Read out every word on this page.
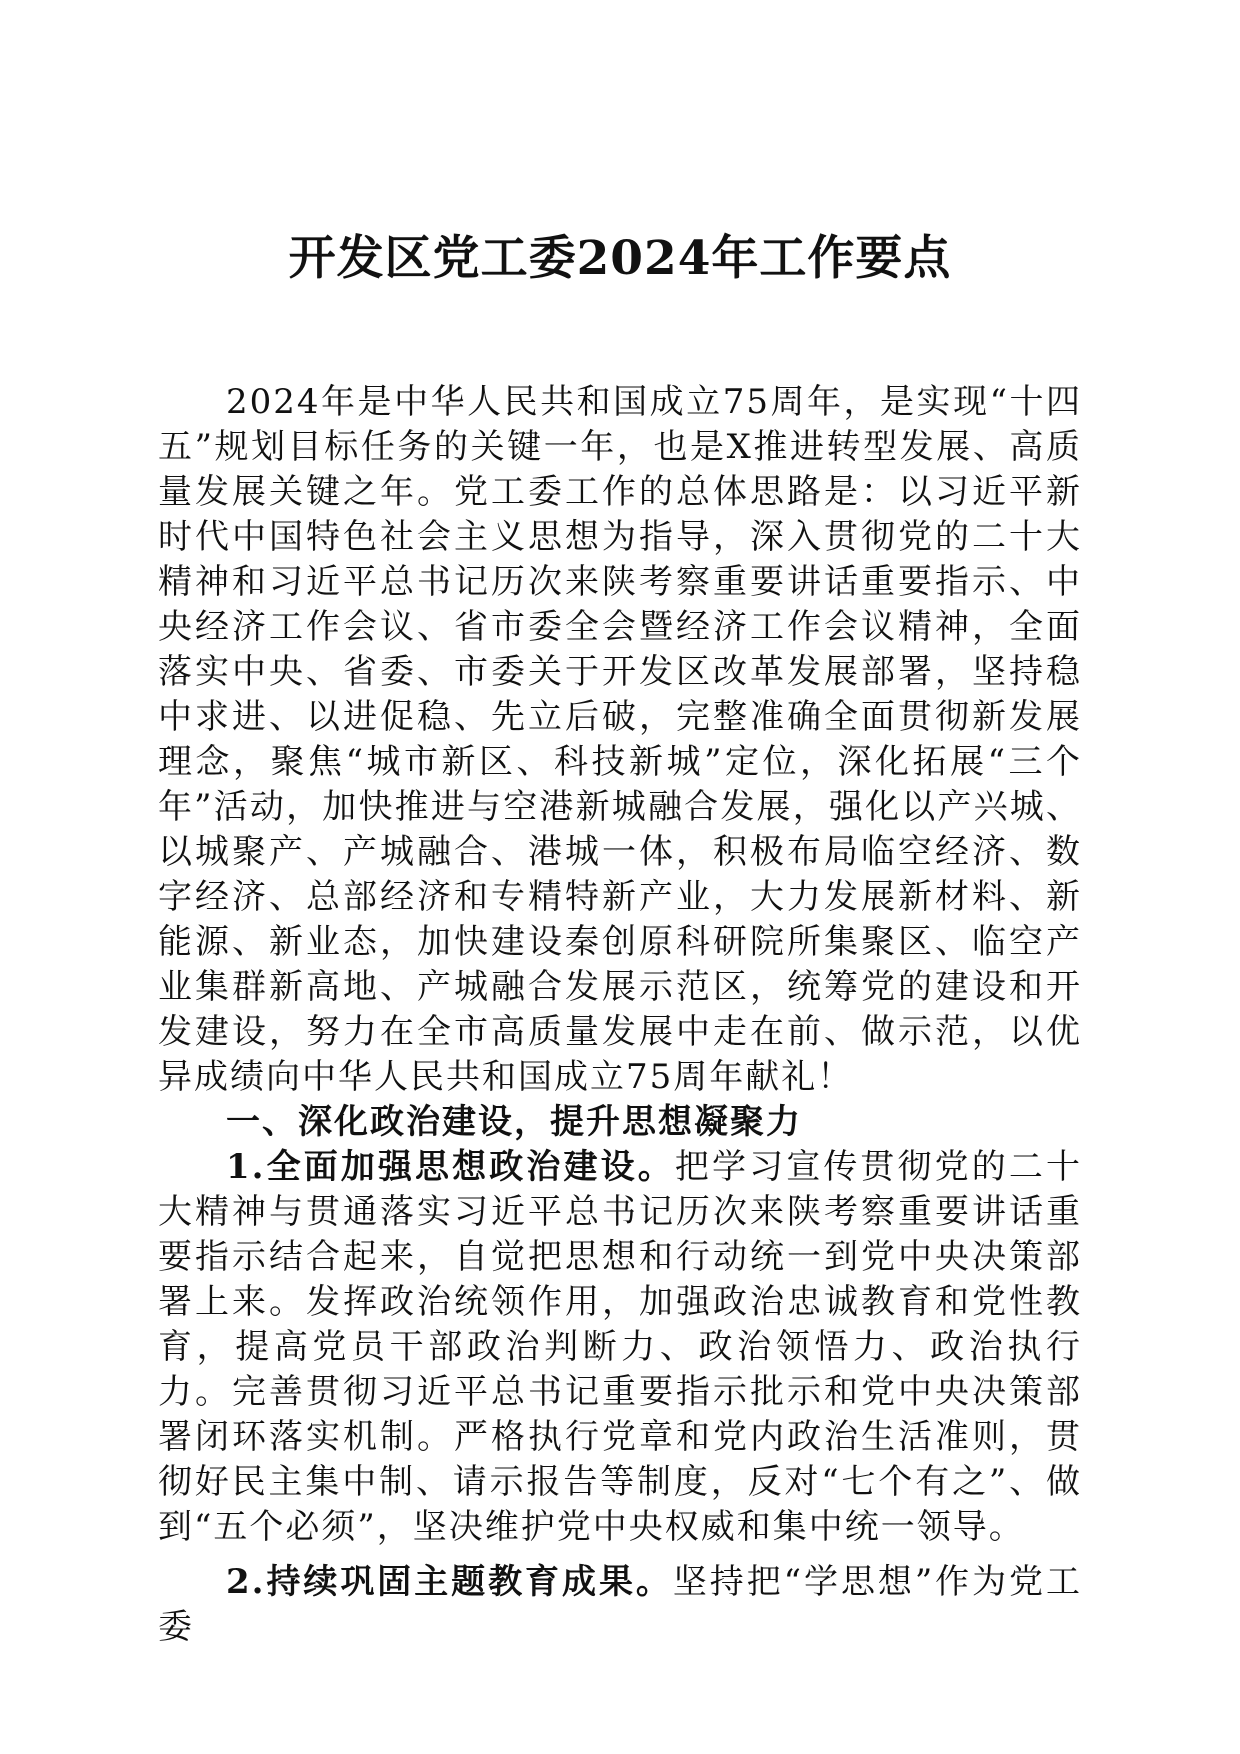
开发区党工委2024年工作要点

2024年是中华人民共和国成立75周年，是实现“十四五”规划目标任务的关键一年，也是X推进转型发展、高质量发展关键之年。党工委工作的总体思路是：以习近平新时代中国特色社会主义思想为指导，深入贯彻党的二十大精神和习近平总书记历次来陕考察重要讲话重要指示、中央经济工作会议、省市委全会暨经济工作会议精神，全面落实中央、省委、市委关于开发区改革发展部署，坚持稳中求进、以进促稳、先立后破，完整准确全面贯彻新发展理念，聚焦“城市新区、科技新城”定位，深化拓展“三个年”活动，加快推进与空港新城融合发展，强化以产兴城、以城聚产、产城融合、港城一体，积极布局临空经济、数字经济、总部经济和专精特新产业，大力发展新材料、新能源、新业态，加快建设秦创原科研院所集聚区、临空产业集群新高地、产城融合发展示范区，统筹党的建设和开发建设，努力在全市高质量发展中走在前、做示范，以优异成绩向中华人民共和国成立75周年献礼！

一、深化政治建设，提升思想凝聚力

1.全面加强思想政治建设。把学习宣传贯彻党的二十大精神与贯通落实习近平总书记历次来陕考察重要讲话重要指示结合起来，自觉把思想和行动统一到党中央决策部署上来。发挥政治统领作用，加强政治忠诚教育和党性教育，提高党员干部政治判断力、政治领悟力、政治执行力。完善贯彻习近平总书记重要指示批示和党中央决策部署闭环落实机制。严格执行党章和党内政治生活准则，贯彻好民主集中制、请示报告等制度，反对“七个有之”、做到“五个必须”，坚决维护党中央权威和集中统一领导。

2.持续巩固主题教育成果。坚持把“学思想”作为党工委
